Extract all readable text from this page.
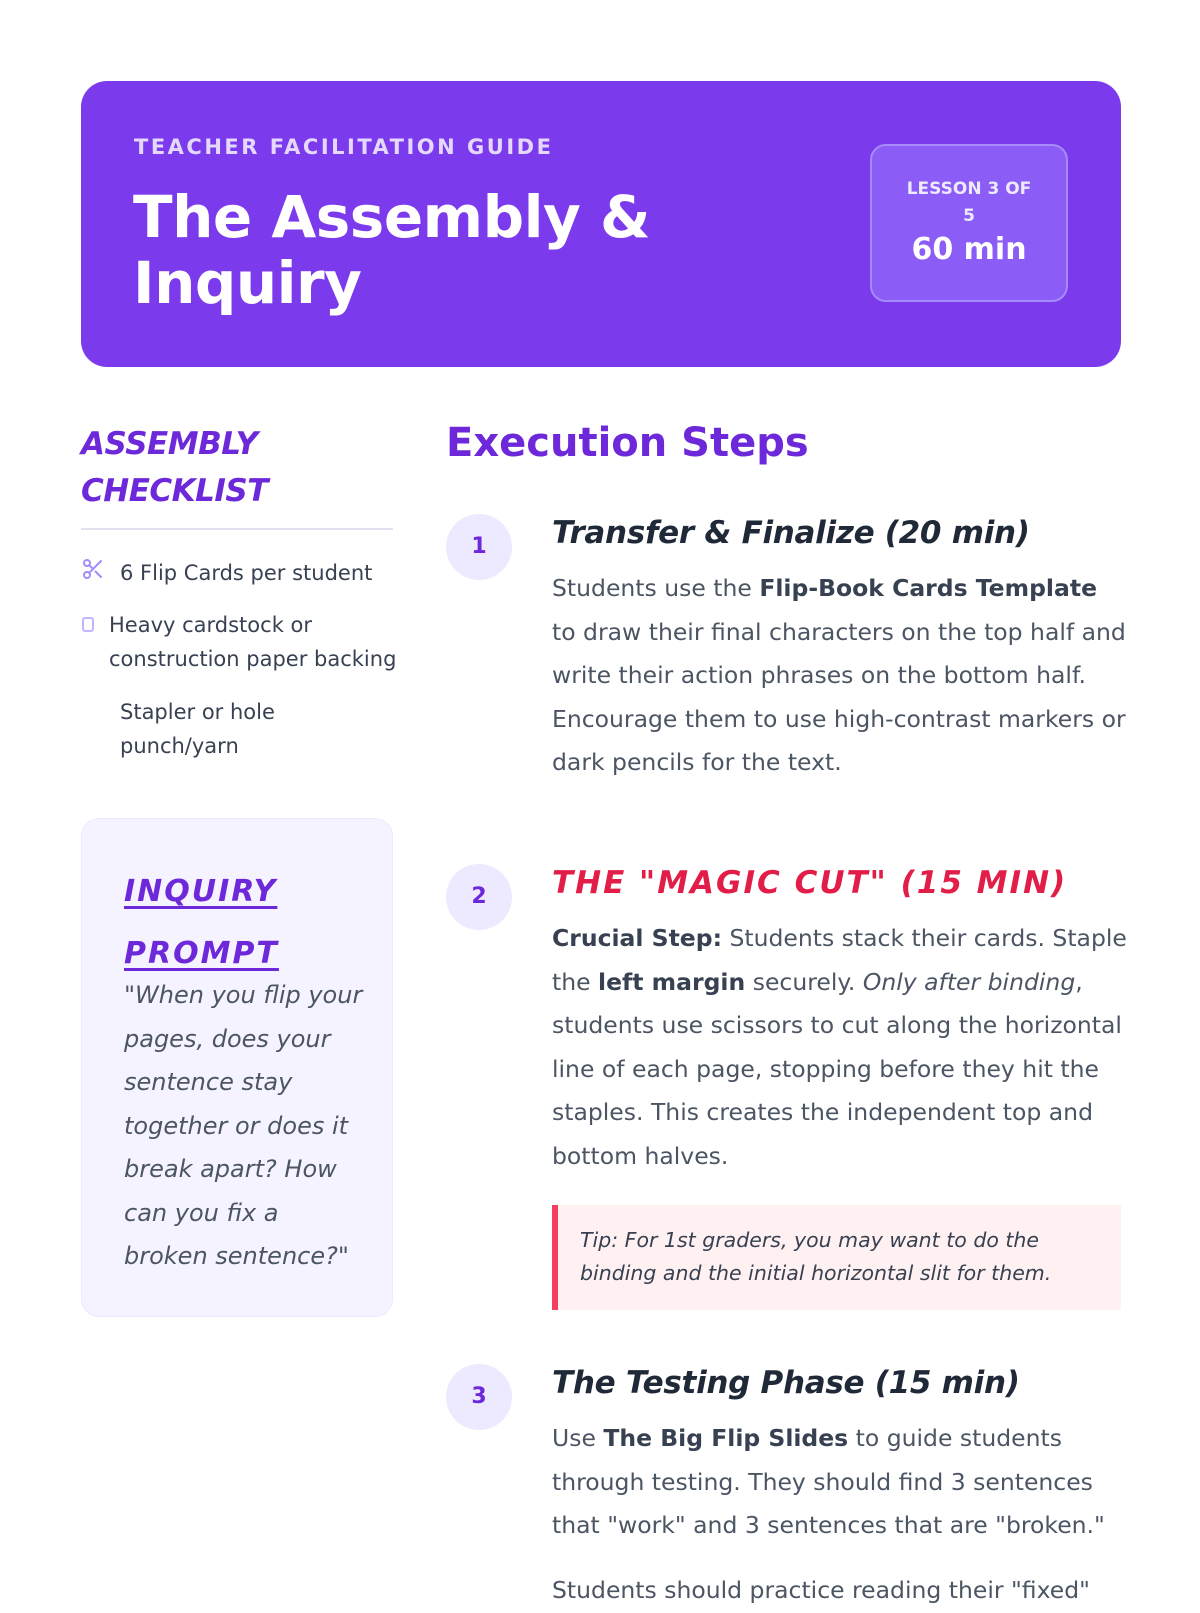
TEACHER FACILITATION GUIDE
The Assembly & Inquiry
LESSON 3 OF 5
60 min
ASSEMBLY CHECKLIST
6 Flip Cards per student
Heavy cardstock or construction paper backing
Stapler or hole punch/yarn
INQUIRY PROMPT
"When you flip your pages, does your sentence stay together or does it break apart? How can you fix a broken sentence?"
Execution Steps
1	Transfer & Finalize (20 min)
Students use the Flip-Book Cards Template to draw their final characters on the top half and write their action phrases on the bottom half. Encourage them to use high-contrast markers or dark pencils for the text.
2	THE "MAGIC CUT" (15 MIN)
Crucial Step: Students stack their cards. Staple the left margin securely. Only after binding, students use scissors to cut along the horizontal line of each page, stopping before they hit the staples. This creates the independent top and bottom halves.
Tip: For 1st graders, you may want to do the binding and the initial horizontal slit for them.
3	The Testing Phase (15 min)
Use The Big Flip Slides to guide students through testing. They should find 3 sentences that "work" and 3 sentences that are "broken."
Students should practice reading their "fixed"
